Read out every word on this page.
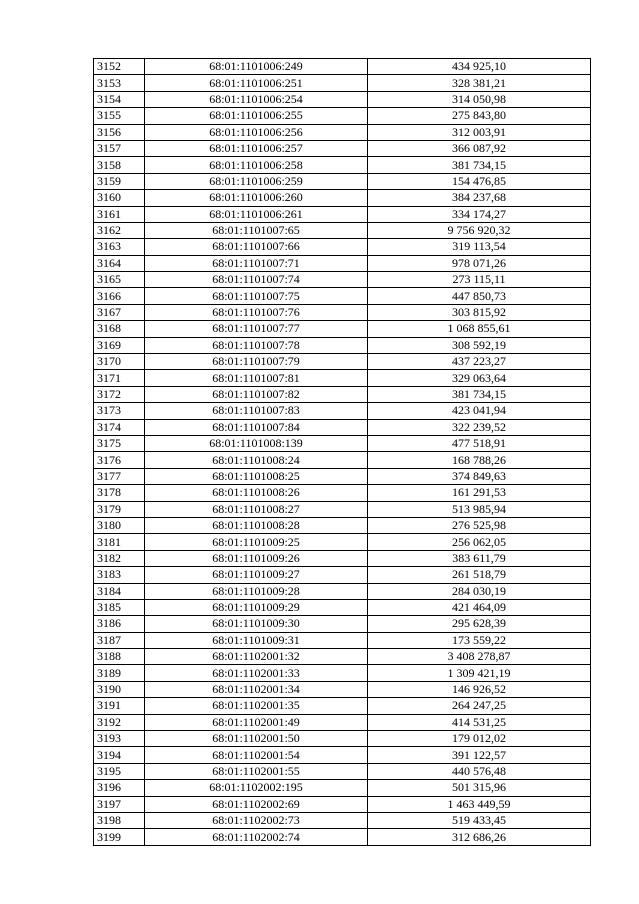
3152	68:01:1101006:249	434 925,10
3153	68:01:1101006:251	328 381,21
3154	68:01:1101006:254	314 050,98
3155	68:01:1101006:255	275 843,80
3156	68:01:1101006:256	312 003,91
3157	68:01:1101006:257	366 087,92
3158	68:01:1101006:258	381 734,15
3159	68:01:1101006:259	154 476,85
3160	68:01:1101006:260	384 237,68
3161	68:01:1101006:261	334 174,27
3162	68:01:1101007:65	9 756 920,32
3163	68:01:1101007:66	319 113,54
3164	68:01:1101007:71	978 071,26
3165	68:01:1101007:74	273 115,11
3166	68:01:1101007:75	447 850,73
3167	68:01:1101007:76	303 815,92
3168	68:01:1101007:77	1 068 855,61
3169	68:01:1101007:78	308 592,19
3170	68:01:1101007:79	437 223,27
3171	68:01:1101007:81	329 063,64
3172	68:01:1101007:82	381 734,15
3173	68:01:1101007:83	423 041,94
3174	68:01:1101007:84	322 239,52
3175	68:01:1101008:139	477 518,91
3176	68:01:1101008:24	168 788,26
3177	68:01:1101008:25	374 849,63
3178	68:01:1101008:26	161 291,53
3179	68:01:1101008:27	513 985,94
3180	68:01:1101008:28	276 525,98
3181	68:01:1101009:25	256 062,05
3182	68:01:1101009:26	383 611,79
3183	68:01:1101009:27	261 518,79
3184	68:01:1101009:28	284 030,19
3185	68:01:1101009:29	421 464,09
3186	68:01:1101009:30	295 628,39
3187	68:01:1101009:31	173 559,22
3188	68:01:1102001:32	3 408 278,87
3189	68:01:1102001:33	1 309 421,19
3190	68:01:1102001:34	146 926,52
3191	68:01:1102001:35	264 247,25
3192	68:01:1102001:49	414 531,25
3193	68:01:1102001:50	179 012,02
3194	68:01:1102001:54	391 122,57
3195	68:01:1102001:55	440 576,48
3196	68:01:1102002:195	501 315,96
3197	68:01:1102002:69	1 463 449,59
3198	68:01:1102002:73	519 433,45
3199	68:01:1102002:74	312 686,26
